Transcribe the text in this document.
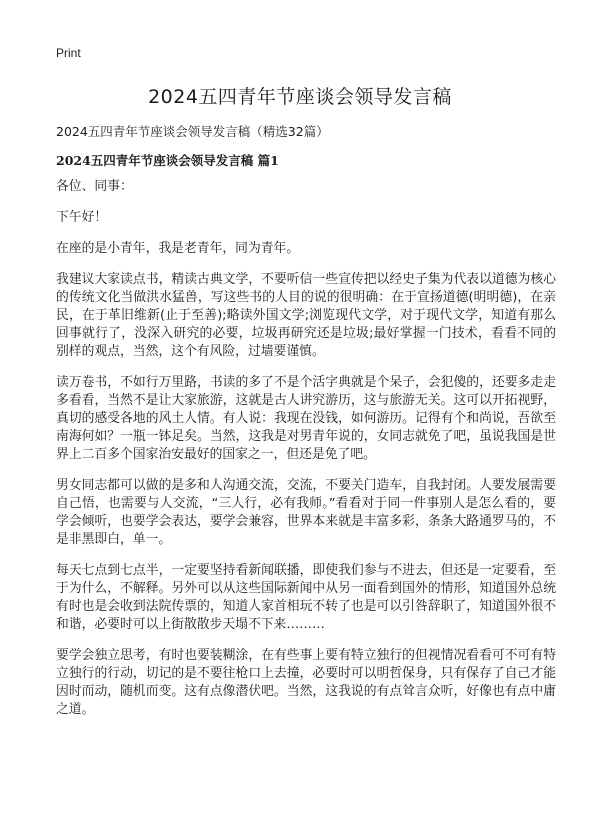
Print
2024五四青年节座谈会领导发言稿

2024五四青年节座谈会领导发言稿（精选32篇）

2024五四青年节座谈会领导发言稿 篇1

各位、同事：

下午好！

在座的是小青年，我是老青年，同为青年。

我建议大家读点书，精读古典文学，不要听信一些宣传把以经史子集为代表以道德为核心的传统文化当做洪水猛兽，写这些书的人目的说的很明确：在于宣扬道德(明明德)，在亲民，在于革旧维新(止于至善);略读外国文学;浏览现代文学，对于现代文学，知道有那么回事就行了，没深入研究的必要，垃圾再研究还是垃圾;最好掌握一门技术，看看不同的别样的观点，当然，这个有风险，过墙要谨慎。

读万卷书，不如行万里路，书读的多了不是个活字典就是个呆子，会犯傻的，还要多走走多看看，当然不是让大家旅游，这就是古人讲究游历，这与旅游无关。这可以开拓视野，真切的感受各地的风土人情。有人说：我现在没钱，如何游历。记得有个和尚说，吾欲至南海何如？一瓶一钵足矣。当然，这我是对男青年说的，女同志就免了吧，虽说我国是世界上二百多个国家治安最好的国家之一，但还是免了吧。

男女同志都可以做的是多和人沟通交流，交流，不要关门造车，自我封闭。人要发展需要自己悟，也需要与人交流，“三人行，必有我师。”看看对于同一件事别人是怎么看的，要学会倾听，也要学会表达，要学会兼容，世界本来就是丰富多彩，条条大路通罗马的，不是非黑即白，单一。

每天七点到七点半，一定要坚持看新闻联播，即使我们参与不进去，但还是一定要看，至于为什么，不解释。另外可以从这些国际新闻中从另一面看到国外的情形，知道国外总统有时也是会收到法院传票的，知道人家首相玩不转了也是可以引咎辞职了，知道国外很不和谐，必要时可以上街散散步天塌不下来………

要学会独立思考，有时也要装糊涂，在有些事上要有特立独行的但视情况看看可不可有特立独行的行动，切记的是不要往枪口上去撞，必要时可以明哲保身，只有保存了自己才能因时而动，随机而变。这有点像潜伏吧。当然，这我说的有点耸言众听，好像也有点中庸之道。
